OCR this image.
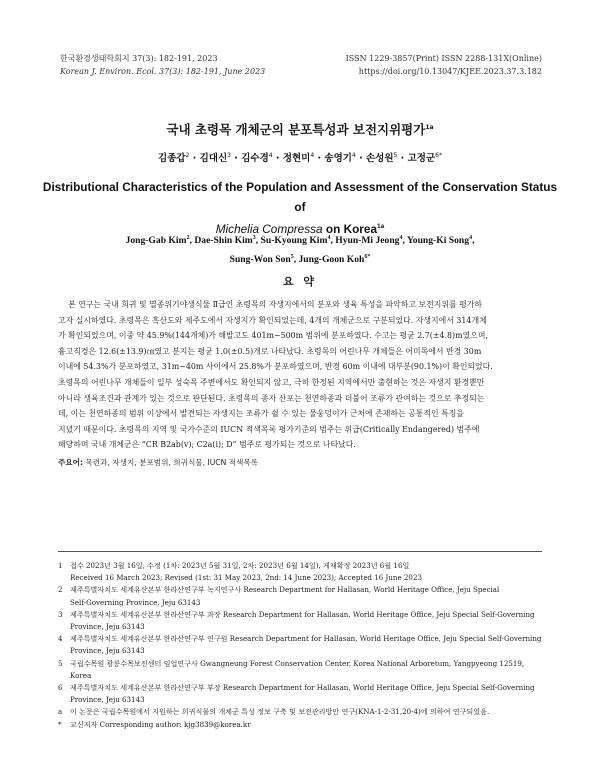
한국환경생태학회지 37(3): 182-191, 2023
Korean J. Environ. Ecol. 37(3): 182-191, June 2023
ISSN 1229-3857(Print) ISSN 2288-131X(Online)
https://doi.org/10.13047/KJEE.2023.37.3.182
국내 초령목 개체군의 분포특성과 보전지위평가$^{1a}$
김종갑$^2$ · 김대신$^3$ · 김수경$^4$ · 정현미$^4$ · 송영기$^4$ · 손성원$^5$ · 고정군$^{6*}$
Distributional Characteristics of the Population and Assessment of the Conservation Status of
Michelia Compressa on Korea$^{1a}$
Jong-Gab Kim$^2$, Dae-Shin Kim$^3$, Su-Kyoung Kim$^4$, Hyun-Mi Jeong$^4$, Young-Ki Song$^4$,
Sung-Won Son$^5$, Jung-Goon Koh$^{6*}$
요 약
본 연구는 국내 희귀 및 멸종위기야생식물 Ⅱ급인 초령목의 자생지에서의 분포와 생육 특성을 파악하고 보전지위를 평가하
고자 실시하였다. 초령목은 흑산도와 제주도에서 자생지가 확인되었는데, 4개의 개체군으로 구분되었다. 자생지에서 314개체
가 확인되었으며, 이중 약 45.9%(144개체)가 해발고도 401m~500m 범위에 분포하였다. 수고는 평균 2.7(±4.8)m였으며,
흉고직경은 12.6(±13.9)㎝였고 분지는 평균 1.0(±0.5)개로 나타났다. 초령목의 어린나무 개체들은 어미목에서 반경 30m
이내에 54.3%가 분포하였고, 31m~40m 사이에서 25.8%가 분포하였으며, 반경 60m 이내에 대부분(90.1%)이 확인되었다.
초령목의 어린나무 개체들이 일부 성숙목 주변에서도 확인되지 않고, 극히 한정된 지역에서만 출현하는 것은 자생지 환경뿐만
아니라 생육조건과 관계가 있는 것으로 판단된다. 초령목의 종자 산포는 천연하종과 더불어 조류가 관여하는 것으로 추정되는
데, 이는 천연하종의 범위 이상에서 발견되는 자생지는 조류가 쉴 수 있는 물웅덩이가 근처에 존재하는 공통적인 특징을
지녔기 때문이다. 초령목의 지역 및 국가수준의 IUCN 적색목록 평가기준의 범주는 위급(Critically Endangered) 범주에
해당하며 국내 개체군은 “CR B2ab(ⅴ); C2a(ⅰ); D” 범주로 평가되는 것으로 나타났다.
주요어: 목련과, 자생지, 분포범위, 희귀식물, IUCN 적색목록
1 접수 2023년 3월 16일, 수정 (1차: 2023년 5월 31일, 2차: 2023년 6월 14일), 게재확정 2023년 6월 16일
Received 16 March 2023; Revised (1st: 31 May 2023, 2nd: 14 June 2023); Accepted 16 June 2023
2 제주특별자치도 세계유산본부 한라산연구부 녹지연구사 Research Department for Hallasan, World Heritage Office, Jeju Special
Self-Governing Province, Jeju 63143
3 제주특별자치도 세계유산본부 한라산연구부 과장 Research Department for Hallasan, World Heritage Office, Jeju Special Self-Governing
Province, Jeju 63143
4 제주특별자치도 세계유산본부 한라산연구부 연구원 Research Department for Hallasan, World Heritage Office, Jeju Special Self-Governing
Province, Jeju 63143
5 국립수목원 광릉수목보전센터 임업연구사 Gwangneung Forest Conservation Center, Korea National Arboretum, Yangpyeong 12519,
Korea
6 제주특별자치도 세계유산본부 한라산연구부 부장 Research Department for Hallasan, World Heritage Office, Jeju Special Self-Governing
Province, Jeju 63143
a 이 논문은 국립수목원에서 지원하는 희귀식물의 개체군 특성 정보 구축 및 보전관리방안 연구(KNA-1-2-31,20-4)에 의하여 연구되었음.
* 교신저자 Corresponding author: kjg3839@korea.kr
